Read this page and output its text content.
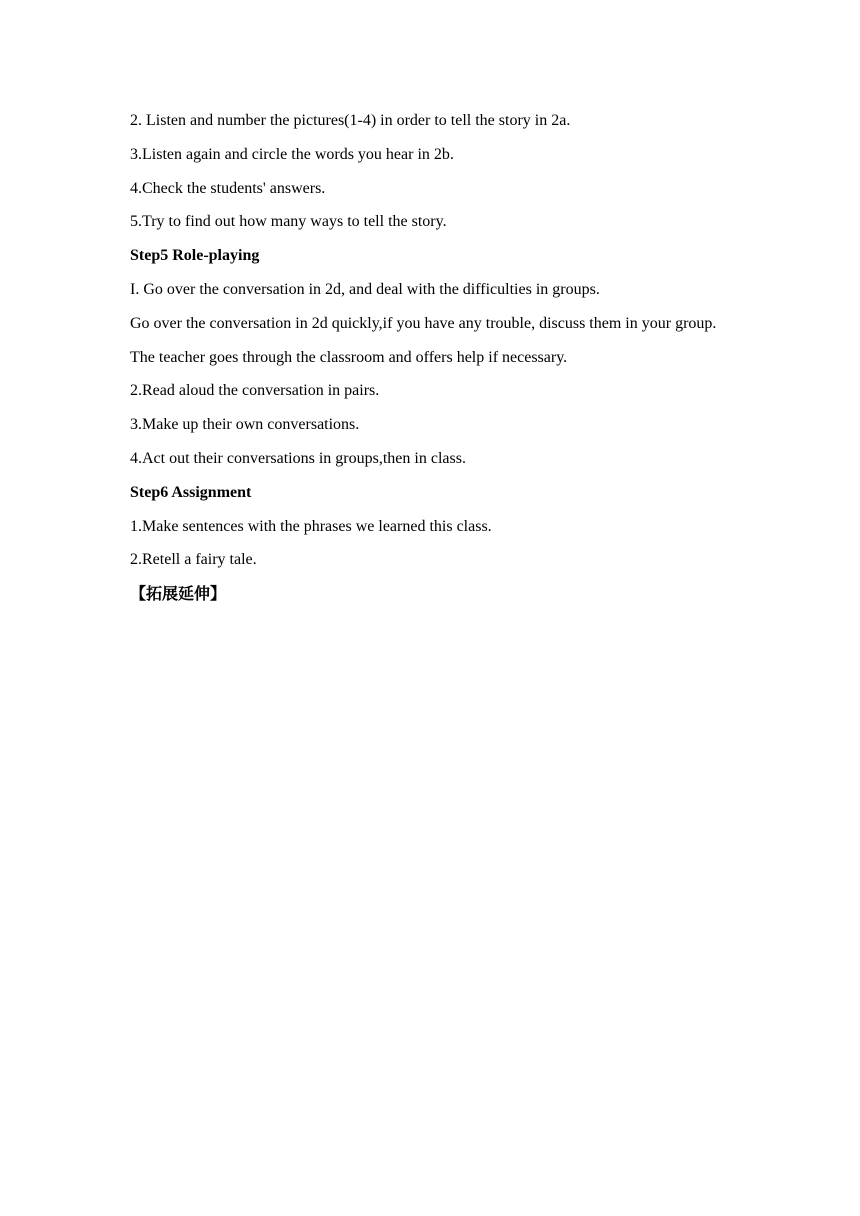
2. Listen and number the pictures(1-4) in order to tell the story in 2a.

3.Listen again and circle the words you hear in 2b.

4.Check the students' answers.

5.Try to find out how many ways to tell the story.

Step5 Role-playing

I. Go over the conversation in 2d, and deal with the difficulties in groups.

Go over the conversation in 2d quickly,if you have any trouble, discuss them in your group.

The teacher goes through the classroom and offers help if necessary.

2.Read aloud the conversation in pairs.

3.Make up their own conversations.

4.Act out their conversations in groups,then in class.

Step6 Assignment

1.Make sentences with the phrases we learned this class.

2.Retell a fairy tale.

【拓展延伸】
